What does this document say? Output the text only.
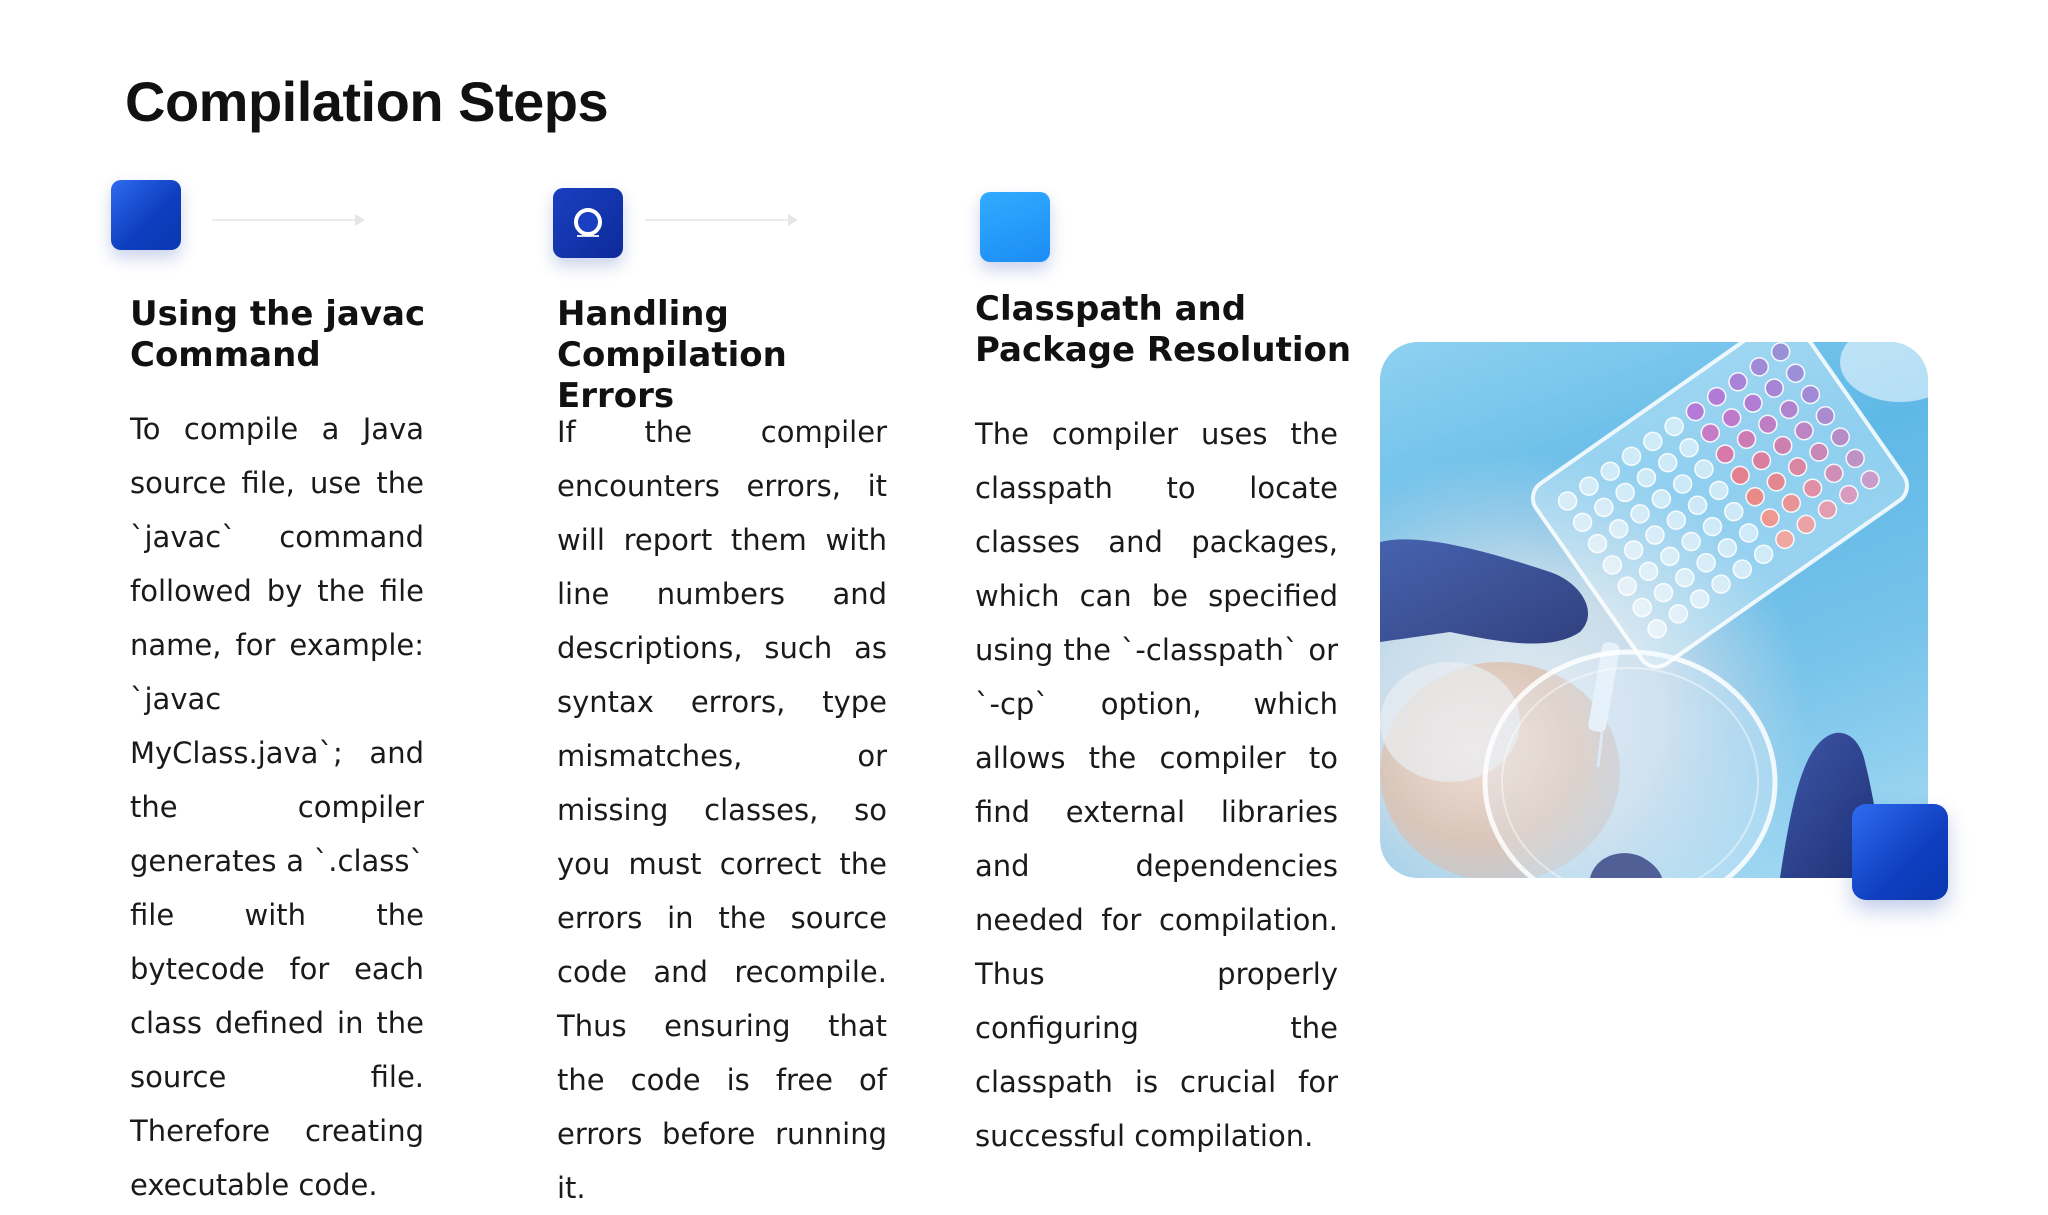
Compilation Steps
Using the javac Command

To compile a Java source file, use the `javac` command followed by the file name, for example: `javac MyClass.java`; and the compiler generates a `.class` file with the bytecode for each class defined in the source file. Therefore creating executable code.

Handling Compilation Errors

If the compiler encounters errors, it will report them with line numbers and descriptions, such as syntax errors, type mismatches, or missing classes, so you must correct the errors in the source code and recompile. Thus ensuring that the code is free of errors before running it.

Classpath and Package Resolution

The compiler uses the classpath to locate classes and packages, which can be specified using the `-classpath` or `-cp` option, which allows the compiler to find external libraries and dependencies needed for compilation. Thus properly configuring the classpath is crucial for successful compilation.
